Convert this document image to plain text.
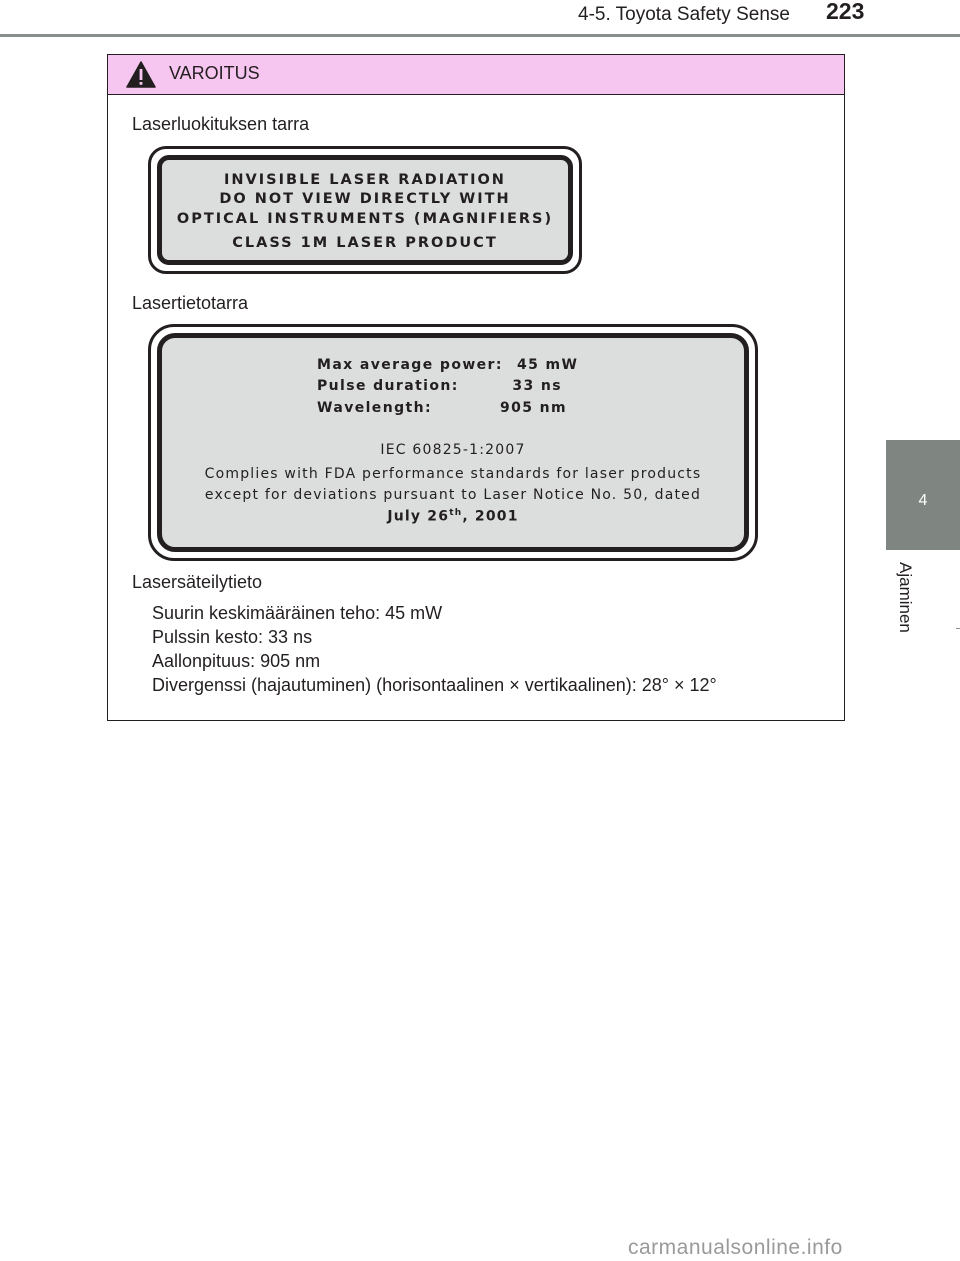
4-5. Toyota Safety Sense 223
4
Ajaminen
VAROITUS
Laserluokituksen tarra
INVISIBLE LASER RADIATION
DO NOT VIEW DIRECTLY WITH
OPTICAL INSTRUMENTS (MAGNIFIERS)
CLASS 1M LASER PRODUCT
Lasertietotarra
Max average power: 45 mW
Pulse duration:	33 ns
Wavelength:	905 nm
IEC 60825-1:2007
Complies with FDA performance standards for laser products
except for deviations pursuant to Laser Notice No. 50, dated
July 26th, 2001
Lasersäteilytieto
Suurin keskimääräinen teho: 45 mW
Pulssin kesto: 33 ns
Aallonpituus: 905 nm
Divergenssi (hajautuminen) (horisontaalinen × vertikaalinen): 28° × 12°
carmanualsonline.info
